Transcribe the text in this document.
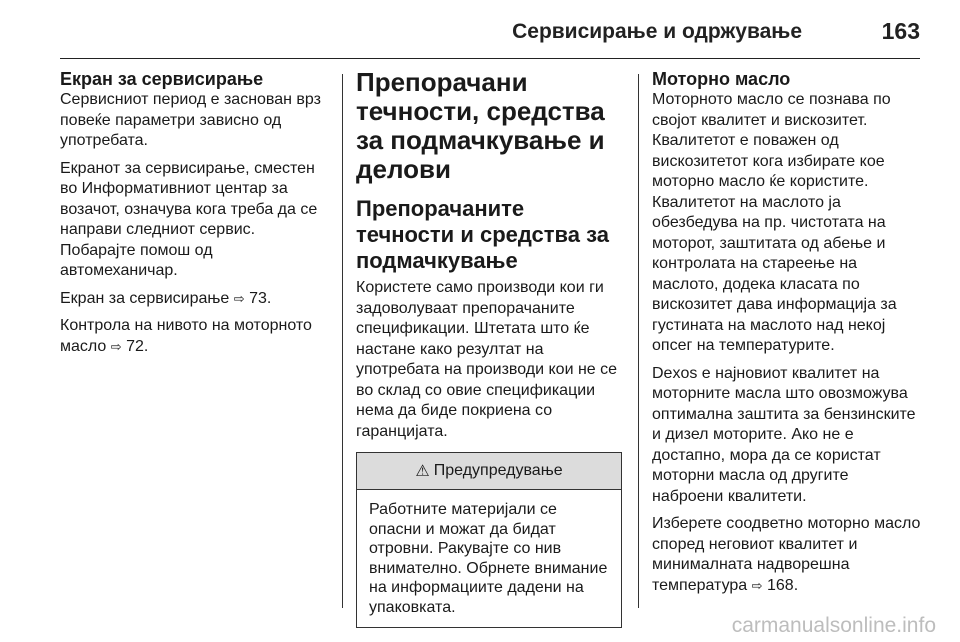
Сервисирање и одржување	163
Екран за сервисирање

Сервисниот период е заснован врз повеќе параметри зависно од употребата.

Екранот за сервисирање, сместен во Информативниот центар за возачот, означува кога треба да се направи следниот сервис. Побарајте помош од автомеханичар.

Екран за сервисирање ⇨ 73.

Контрола на нивото на моторното масло ⇨ 72.

Препорачани течности, средства за подмачкување и делови
Препорачаните течности и средства за подмачкување

Користете само производи кои ги задоволуваат препорачаните спецификации. Штетата што ќе настане како резултат на употребата на производи кои не се во склад со овие спецификации нема да биде покриена со гаранцијата.

⚠ Предупредување
Работните материјали се опасни и можат да бидат отровни. Ракувајте со нив внимателно. Обрнете внимание на информациите дадени на упаковката.
Моторно масло

Моторното масло се познава по својот квалитет и вискозитет. Квалитетот е поважен од вискозитетот кога избирате кое моторно масло ќе користите. Квалитетот на маслото ја обезбедува на пр. чистотата на моторот, заштитата од абење и контролата на стареење на маслото, додека класата по вискозитет дава информација за густината на маслото над некој опсег на температурите.

Dexos е најновиот квалитет на моторните масла што овозможува оптимална заштита за бензинските и дизел моторите. Ако не е достапно, мора да се користат моторни масла од другите наброени квалитети.

Изберете соодветно моторно масло според неговиот квалитет и минималната надворешна температура ⇨ 168.

carmanualsonline.info
